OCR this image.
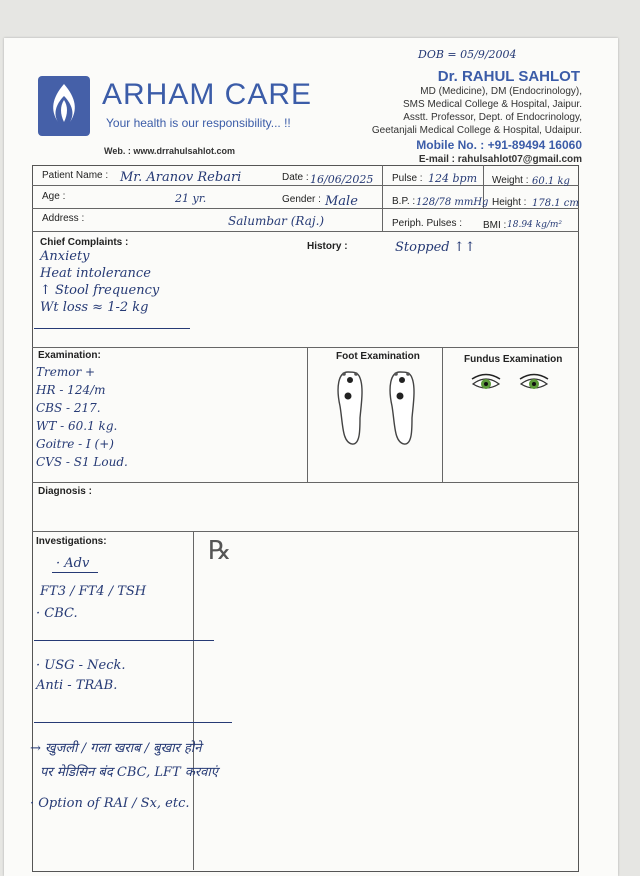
DOB = 05/9/2004
ARHAM CARE
Your health is our responsibility... !!
Web. : www.drrahulsahlot.com
Dr. RAHUL SAHLOT
MD (Medicine), DM (Endocrinology),
SMS Medical College & Hospital, Jaipur.
Asstt. Professor, Dept. of Endocrinology,
Geetanjali Medical College & Hospital, Udaipur.
Mobile No. : +91-89494 16060
E-mail : rahulsahlot07@gmail.com
Patient Name : Mr. Aranov Rebari	Date : 16/06/2025 Pulse : 124 bpm Weight : 60.1 kg
Age :	21 yr.	Gender : Male	B.P. : 128/78 mmHg Height : 178.1 cm
Address :	Salumbar (Raj.)	Periph. Pulses : BMI : 18.94 kg/m²
Chief Complaints :
Anxiety
Heat intolerance
↑ Stool frequency
Wt loss ≈ 1-2 kg
History :	Stopped ↑↑
Examination:
Tremor +
HR - 124/m
CBS - 217.
WT - 60.1 kg.
Goitre - I (+)
CVS - S1 Loud.
Foot Examination	Fundus Examination
Diagnosis :
Investigations:
· Adv
FT3 / FT4 / TSH
· CBC.
· USG - Neck.
Anti - TRAB.
℞
→ खुजली / गला खराब / बुखार होने
पर मेडिसिन बंद CBC, LFT करवाएं
· Option of RAI / Sx, etc.
